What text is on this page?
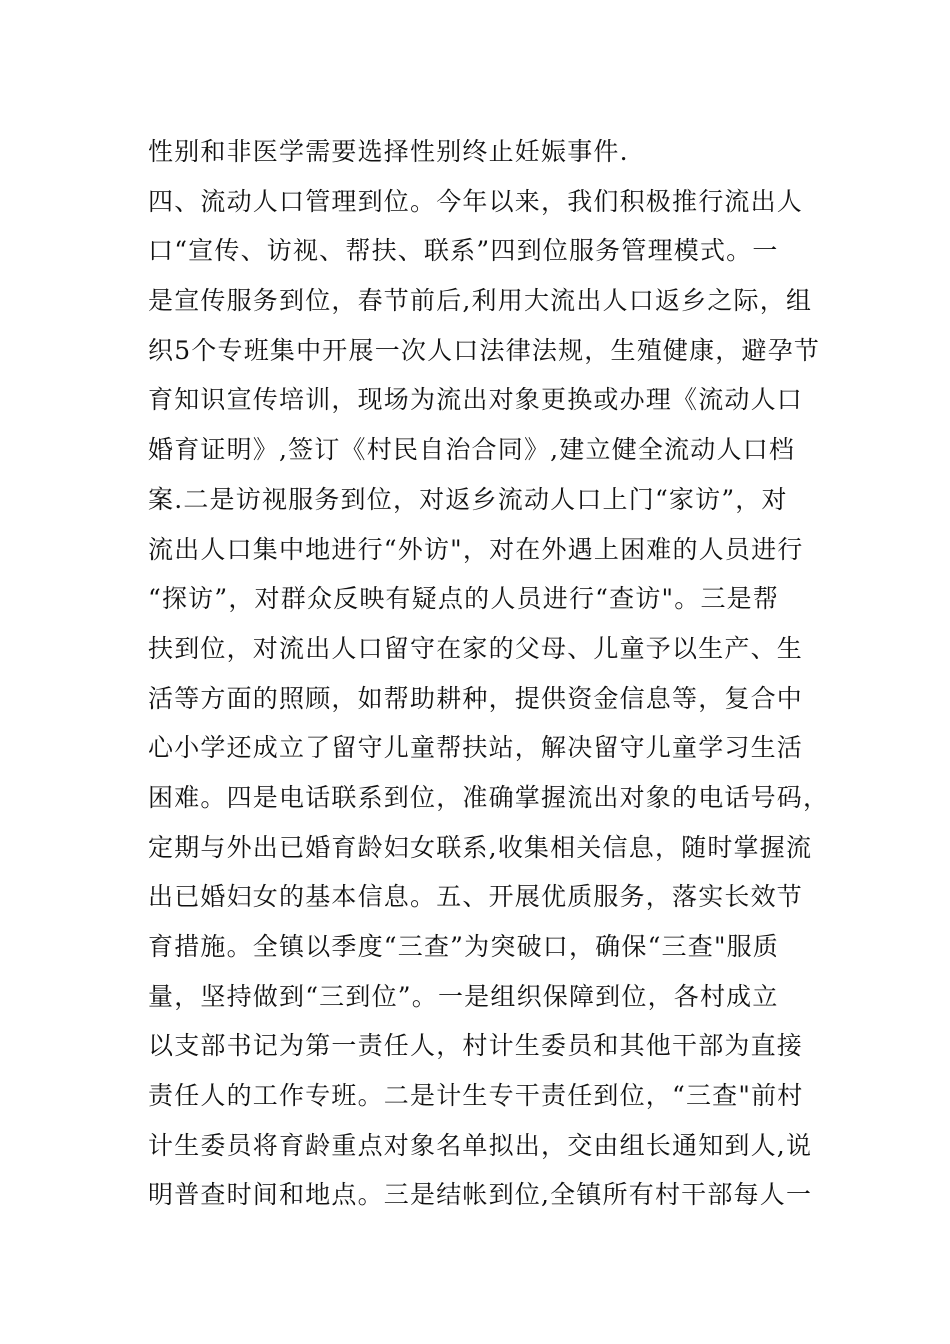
性别和非医学需要选择性别终止妊娠事件.
四、流动人口管理到位。今年以来，我们积极推行流出人
口“宣传、访视、帮扶、联系”四到位服务管理模式。一
是宣传服务到位，春节前后,利用大流出人口返乡之际，组
织5个专班集中开展一次人口法律法规，生殖健康，避孕节
育知识宣传培训，现场为流出对象更换或办理《流动人口
婚育证明》,签订《村民自治合同》,建立健全流动人口档
案.二是访视服务到位，对返乡流动人口上门“家访”，对
流出人口集中地进行“外访"，对在外遇上困难的人员进行
“探访”，对群众反映有疑点的人员进行“查访"。三是帮
扶到位，对流出人口留守在家的父母、儿童予以生产、生
活等方面的照顾，如帮助耕种，提供资金信息等，复合中
心小学还成立了留守儿童帮扶站，解决留守儿童学习生活
困难。四是电话联系到位，准确掌握流出对象的电话号码，
定期与外出已婚育龄妇女联系,收集相关信息，随时掌握流
出已婚妇女的基本信息。五、开展优质服务，落实长效节
育措施。全镇以季度“三查”为突破口，确保“三查"服质
量，坚持做到“三到位”。一是组织保障到位，各村成立
以支部书记为第一责任人，村计生委员和其他干部为直接
责任人的工作专班。二是计生专干责任到位，“三查"前村
计生委员将育龄重点对象名单拟出，交由组长通知到人,说
明普查时间和地点。三是结帐到位,全镇所有村干部每人一
